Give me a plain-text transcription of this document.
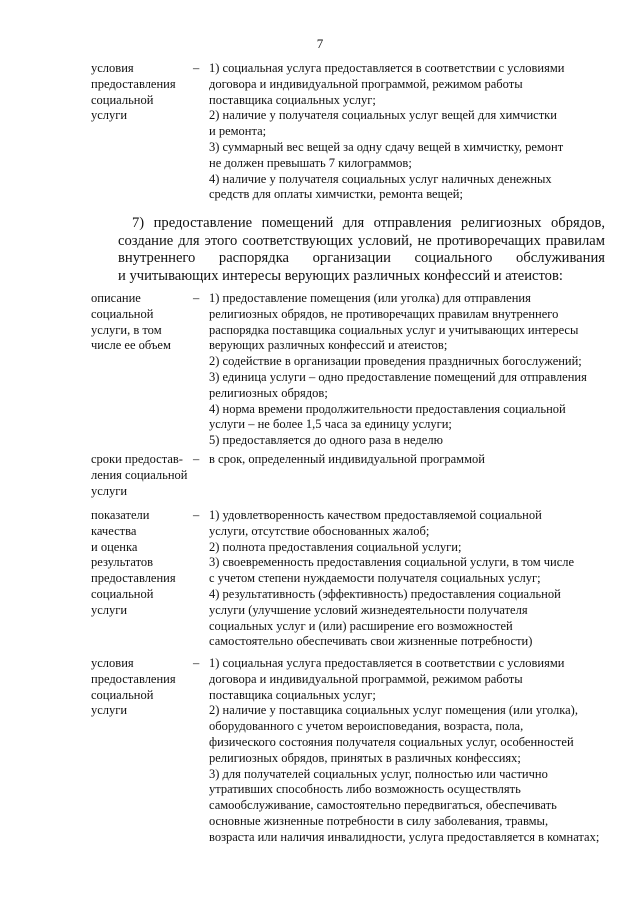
7
условия
предоставления
социальной
услуги
– 1) социальная услуга предоставляется в соответствии с условиями
договора и индивидуальной программой, режимом работы
поставщика социальных услуг;
2) наличие у получателя социальных услуг вещей для химчистки
и ремонта;
3) суммарный вес вещей за одну сдачу вещей в химчистку, ремонт
не должен превышать 7 килограммов;
4) наличие у получателя социальных услуг наличных денежных
средств для оплаты химчистки, ремонта вещей;
7) предоставление помещений для отправления религиозных обрядов,
создание для этого соответствующих условий, не противоречащих правилам
внутреннего распорядка организации социального обслуживания
и учитывающих интересы верующих различных конфессий и атеистов:
описание
социальной
услуги, в том
числе ее объем
– 1) предоставление помещения (или уголка) для отправления
религиозных обрядов, не противоречащих правилам внутреннего
распорядка поставщика социальных услуг и учитывающих интересы
верующих различных конфессий и атеистов;
2) содействие в организации проведения праздничных богослужений;
3) единица услуги – одно предоставление помещений для отправления
религиозных обрядов;
4) норма времени продолжительности предоставления социальной
услуги – не более 1,5 часа за единицу услуги;
5) предоставляется до одного раза в неделю
сроки предостав-
ления социальной
услуги
– в срок, определенный индивидуальной программой
показатели
качества
и оценка
результатов
предоставления
социальной
услуги
– 1) удовлетворенность качеством предоставляемой социальной
услуги, отсутствие обоснованных жалоб;
2) полнота предоставления социальной услуги;
3) своевременность предоставления социальной услуги, в том числе
с учетом степени нуждаемости получателя социальных услуг;
4) результативность (эффективность) предоставления социальной
услуги (улучшение условий жизнедеятельности получателя
социальных услуг и (или) расширение его возможностей
самостоятельно обеспечивать свои жизненные потребности)
условия
предоставления
социальной
услуги
– 1) социальная услуга предоставляется в соответствии с условиями
договора и индивидуальной программой, режимом работы
поставщика социальных услуг;
2) наличие у поставщика социальных услуг помещения (или уголка),
оборудованного с учетом вероисповедания, возраста, пола,
физического состояния получателя социальных услуг, особенностей
религиозных обрядов, принятых в различных конфессиях;
3) для получателей социальных услуг, полностью или частично
утративших способность либо возможность осуществлять
самообслуживание, самостоятельно передвигаться, обеспечивать
основные жизненные потребности в силу заболевания, травмы,
возраста или наличия инвалидности, услуга предоставляется в комнатах;
